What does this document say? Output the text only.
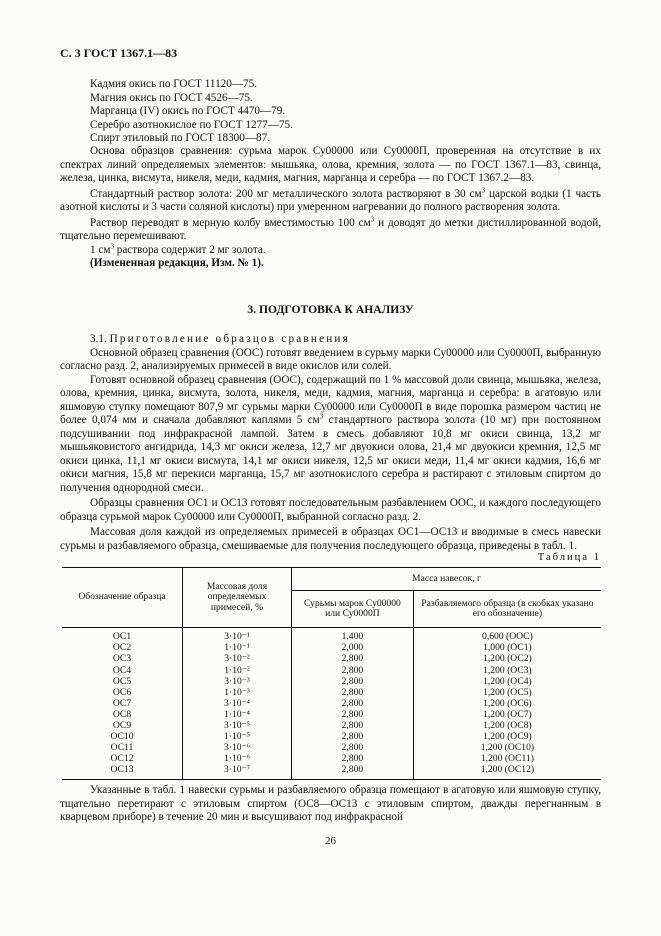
С. 3 ГОСТ 1367.1—83

Кадмия окись по ГОСТ 11120—75.

Магния окись по ГОСТ 4526—75.

Марганца (IV) окись по ГОСТ 4470—79.

Серебро азотнокислое по ГОСТ 1277—75.

Спирт этиловый по ГОСТ 18300—87.

Основа образцов сравнения: сурьма марок Су00000 или Су0000П, проверенная на отсутствие в их спектрах линий определяемых элементов: мышьяка, олова, кремния, золота — по ГОСТ 1367.1—83, свинца, железа, цинка, висмута, никеля, меди, кадмия, магния, марганца и серебра — по ГОСТ 1367.2—83.

Стандартный раствор золота: 200 мг металлического золота растворяют в 30 $см^3$ царской водки (1 часть азотной кислоты и 3 части соляной кислоты) при умеренном нагревании до полного растворения золота.

Раствор переводят в мерную колбу вместимостью 100 $см^3$ и доводят до метки дистиллированной водой, тщательно перемешивают.

1 $см^3$ раствора содержит 2 мг золота.

(Измененная редакция, Изм. № 1).

3. ПОДГОТОВКА К АНАЛИЗУ

3.1. Приготовление образцов сравнения

Основной образец сравнения (ООС) готовят введением в сурьму марки Су00000 или Су0000П, выбранную согласно разд. 2, анализируемых примесей в виде окислов или солей.

Готовят основной образец сравнения (ООС), содержащий по 1 % массовой доли свинца, мышьяка, железа, олова, кремния, цинка, висмута, золота, никеля, меди, кадмия, магния, марганца и серебра: в агатовую или яшмовую ступку помещают 807,9 мг сурьмы марки Су00000 или Су0000П в виде порошка размером частиц не более 0,074 мм и сначала добавляют каплями 5 $см^3$ стандартного раствора золота (10 мг) при постоянном подсушивании под инфракрасной лампой. Затем в смесь добавляют 10,8 мг окиси свинца, 13,2 мг мышьяковистого ангидрида, 14,3 мг окиси железа, 12,7 мг двуокиси олова, 21,4 мг двуокиси кремния, 12,5 мг окиси цинка, 11,1 мг окиси висмута, 14,1 мг окиси никеля, 12,5 мг окиси меди, 11,4 мг окиси кадмия, 16,6 мг окиси магния, 15,8 мг перекиси марганца, 15,7 мг азотнокислого серебра и растирают с этиловым спиртом до получения однородной смеси.

Образцы сравнения ОС1 и ОС13 готовят последовательным разбавлением ООС, и каждого последующего образца сурьмой марок Су00000 или Су0000П, выбранной согласно разд. 2.

Массовая доля каждой из определяемых примесей в образцах ОС1—ОС13 и вводимые в смесь навески сурьмы и разбавляемого образца, смешиваемые для получения последующего образца, приведены в табл. 1.

Таблица 1
Обозначение образца	Массовая доля определяемых примесей, %	Масса навесок, г	
		Сурьмы марок Су00000 или Су0000П	Разбавляемого образца (в скобках указано его обозначение)
ОС1	3·10⁻¹	1,400	0,600 (ООС)
ОС2	1·10⁻¹	2,000	1,000 (ОС1)
ОС3	3·10⁻²	2,800	1,200 (ОС2)
ОС4	1·10⁻²	2,800	1,200 (ОС3)
ОС5	3·10⁻³	2,800	1,200 (ОС4)
ОС6	1·10⁻³	2,800	1,200 (ОС5)
ОС7	3·10⁻⁴	2,800	1,200 (ОС6)
ОС8	1·10⁻⁴	2,800	1,200 (ОС7)
ОС9	3·10⁻⁵	2,800	1,200 (ОС8)
ОС10	1·10⁻⁵	2,800	1,200 (ОС9)
ОС11	3·10⁻⁶	2,800	1,200 (ОС10)
ОС12	1·10⁻⁶	2,800	1,200 (ОС11)
ОС13	3·10⁻⁷	2,800	1,200 (ОС12)

Указанные в табл. 1 навески сурьмы и разбавляемого образца помещают в агатовую или яшмовую ступку, тщательно перетирают с этиловым спиртом (ОС8—ОС13 с этиловым спиртом, дважды перегнанным в кварцевом приборе) в течение 20 мин и высушивают под инфракрасной

26
